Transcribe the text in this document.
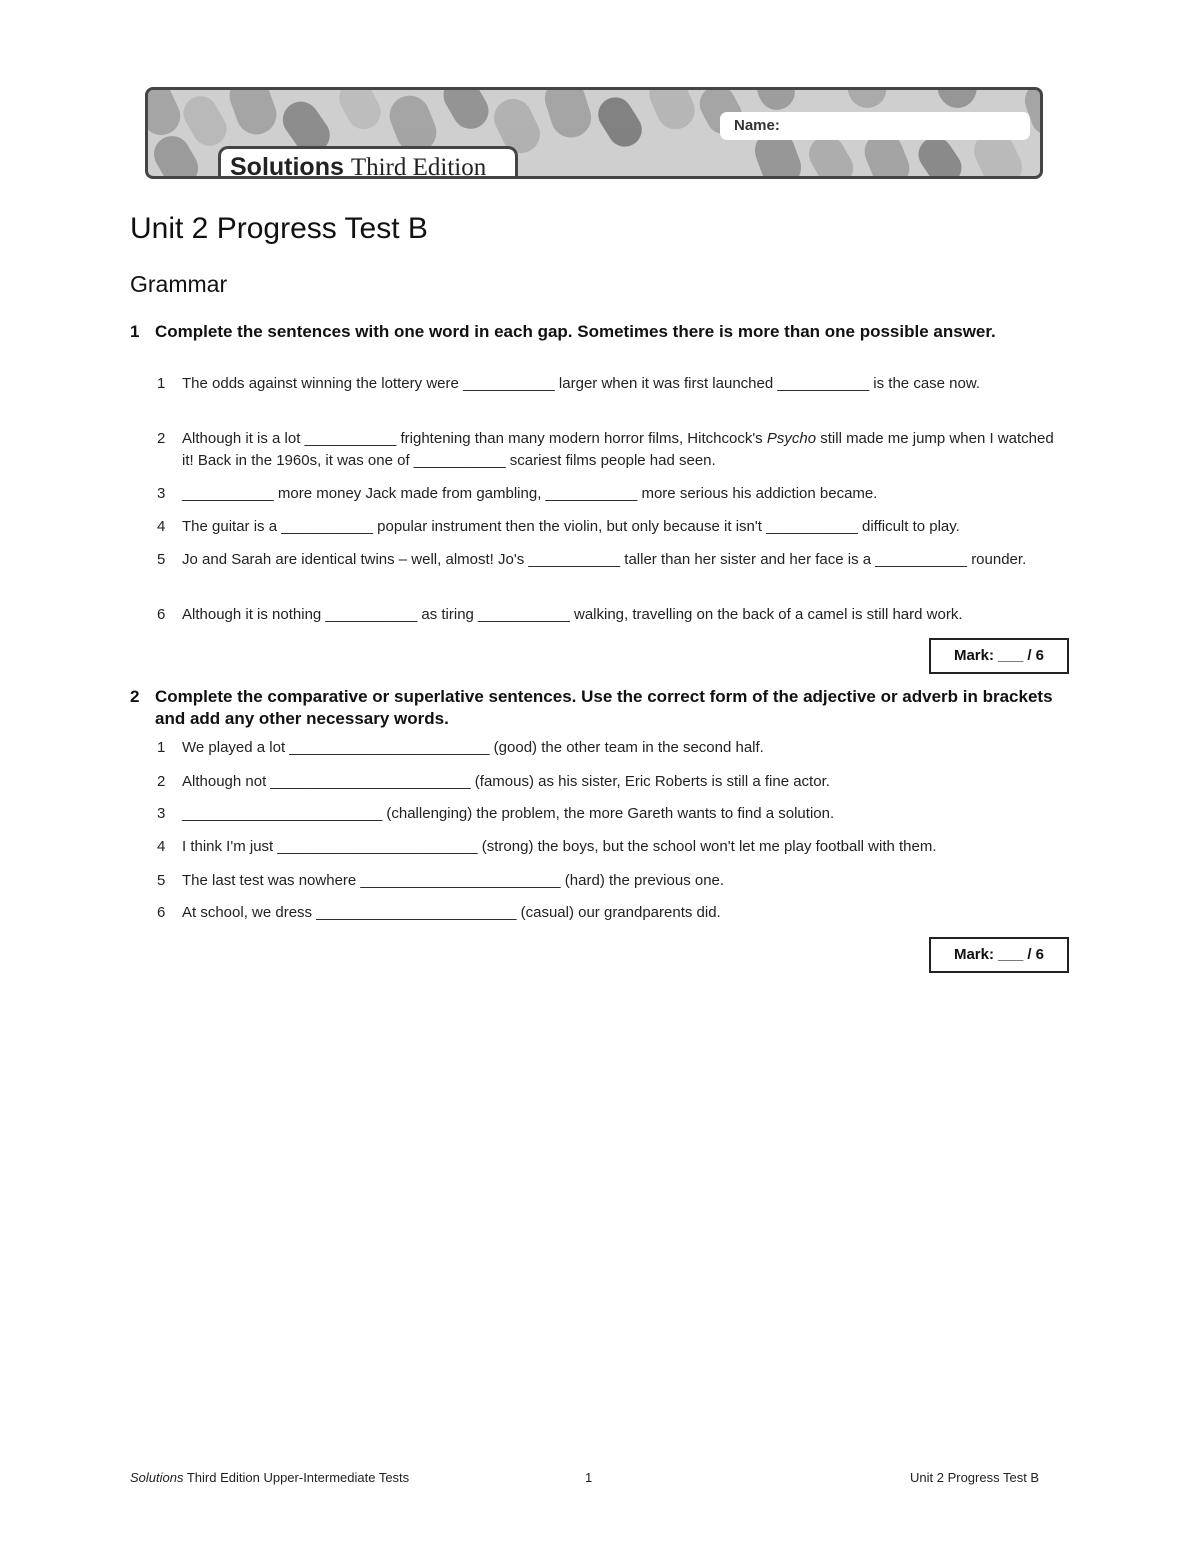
Solutions Third Edition
Name:
Unit 2 Progress Test B
Grammar
1 Complete the sentences with one word in each gap. Sometimes there is more than one possible answer.
1 The odds against winning the lottery were ___________ larger when it was first launched ___________ is the case now.
2 Although it is a lot ___________ frightening than many modern horror films, Hitchcock's Psycho still made me jump when I watched it! Back in the 1960s, it was one of ___________ scariest films people had seen.
3 ___________ more money Jack made from gambling, ___________ more serious his addiction became.
4 The guitar is a ___________ popular instrument then the violin, but only because it isn't ___________ difficult to play.
5 Jo and Sarah are identical twins – well, almost! Jo's ___________ taller than her sister and her face is a ___________ rounder.
6 Although it is nothing ___________ as tiring ___________ walking, travelling on the back of a camel is still hard work.
Mark: ___ / 6
2 Complete the comparative or superlative sentences. Use the correct form of the adjective or adverb in brackets and add any other necessary words.
1 We played a lot ________________________ (good) the other team in the second half.
2 Although not ________________________ (famous) as his sister, Eric Roberts is still a fine actor.
3 ________________________ (challenging) the problem, the more Gareth wants to find a solution.
4 I think I'm just ________________________ (strong) the boys, but the school won't let me play football with them.
5 The last test was nowhere ________________________ (hard) the previous one.
6 At school, we dress ________________________ (casual) our grandparents did.
Mark: ___ / 6
Solutions Third Edition Upper-Intermediate Tests	1	Unit 2 Progress Test B
